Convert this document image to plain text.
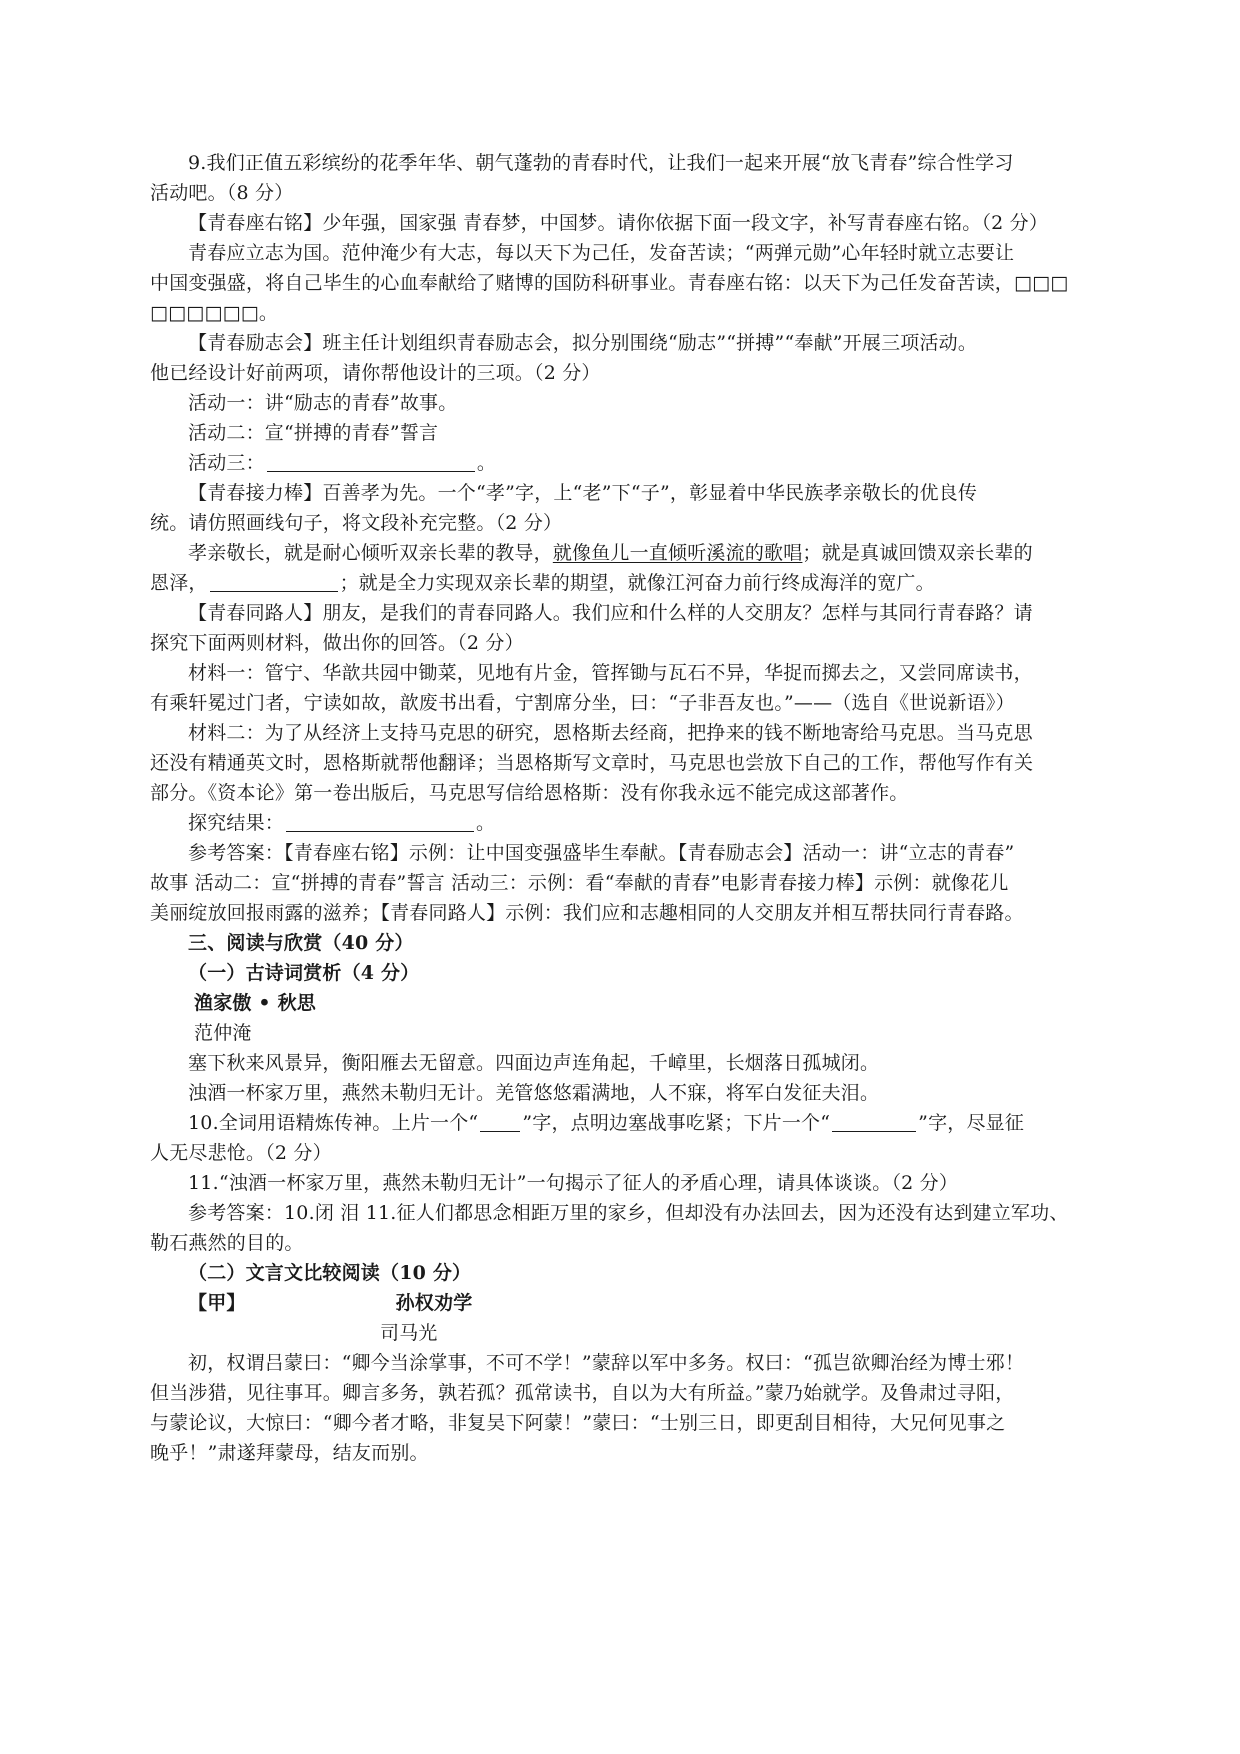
9.我们正值五彩缤纷的花季年华、朝气蓬勃的青春时代，让我们一起来开展“放飞青春”综合性学习
活动吧。（8 分）
【青春座右铭】少年强，国家强 青春梦，中国梦。请你依据下面一段文字，补写青春座右铭。（2 分）
青春应立志为国。范仲淹少有大志，每以天下为己任，发奋苦读；“两弹元勋”心年轻时就立志要让
中国变强盛，将自己毕生的心血奉献给了赌博的国防科研事业。青春座右铭：以天下为己任发奋苦读，□□□
□□□□□□。
【青春励志会】班主任计划组织青春励志会，拟分别围绕“励志”“拼搏”“奉献”开展三项活动。
他已经设计好前两项，请你帮他设计的三项。（2 分）
活动一：讲“励志的青春”故事。
活动二：宣“拼搏的青春”誓言
活动三：	。
【青春接力棒】百善孝为先。一个“孝”字，上“老”下“子”，彰显着中华民族孝亲敬长的优良传
统。请仿照画线句子，将文段补充完整。（2 分）
孝亲敬长，就是耐心倾听双亲长辈的教导，就像鱼儿一直倾听溪流的歌唱；就是真诚回馈双亲长辈的
恩泽，	；就是全力实现双亲长辈的期望，就像江河奋力前行终成海洋的宽广。
【青春同路人】朋友，是我们的青春同路人。我们应和什么样的人交朋友？怎样与其同行青春路？请
探究下面两则材料，做出你的回答。（2 分）
材料一：管宁、华歆共园中锄菜，见地有片金，管挥锄与瓦石不异，华捉而掷去之，又尝同席读书，
有乘轩冕过门者，宁读如故，歆废书出看，宁割席分坐，曰：“子非吾友也。”——（选自《世说新语》）
材料二：为了从经济上支持马克思的研究，恩格斯去经商，把挣来的钱不断地寄给马克思。当马克思
还没有精通英文时，恩格斯就帮他翻译；当恩格斯写文章时，马克思也尝放下自己的工作，帮他写作有关
部分。《资本论》第一卷出版后，马克思写信给恩格斯：没有你我永远不能完成这部著作。
探究结果：	。
参考答案：【青春座右铭】示例：让中国变强盛毕生奉献。【青春励志会】活动一：讲“立志的青春”
故事 活动二：宣“拼搏的青春”誓言 活动三：示例：看“奉献的青春”电影青春接力棒】示例：就像花儿
美丽绽放回报雨露的滋养；【青春同路人】示例：我们应和志趣相同的人交朋友并相互帮扶同行青春路。
三、阅读与欣赏（40 分）
（一）古诗词赏析（4 分）
渔家傲 • 秋思
范仲淹
塞下秋来风景异，衡阳雁去无留意。四面边声连角起，千嶂里，长烟落日孤城闭。
浊酒一杯家万里，燕然未勒归无计。羌管悠悠霜满地，人不寐，将军白发征夫泪。
10.全词用语精炼传神。上片一个“ ”字，点明边塞战事吃紧；下片一个“	”字，尽显征
人无尽悲怆。（2 分）
11.“浊酒一杯家万里，燕然未勒归无计”一句揭示了征人的矛盾心理，请具体谈谈。（2 分）
参考答案：10.闭 泪 11.征人们都思念相距万里的家乡，但却没有办法回去，因为还没有达到建立军功、
勒石燕然的目的。
（二）文言文比较阅读（10 分）
【甲】	孙权劝学
司马光
初，权谓吕蒙曰：“卿今当涂掌事，不可不学！”蒙辞以军中多务。权曰：“孤岂欲卿治经为博士邪！
但当涉猎，见往事耳。卿言多务，孰若孤？孤常读书，自以为大有所益。”蒙乃始就学。及鲁肃过寻阳，
与蒙论议，大惊曰：“卿今者才略，非复吴下阿蒙！”蒙曰：“士别三日，即更刮目相待，大兄何见事之
晚乎！”肃遂拜蒙母，结友而别。
